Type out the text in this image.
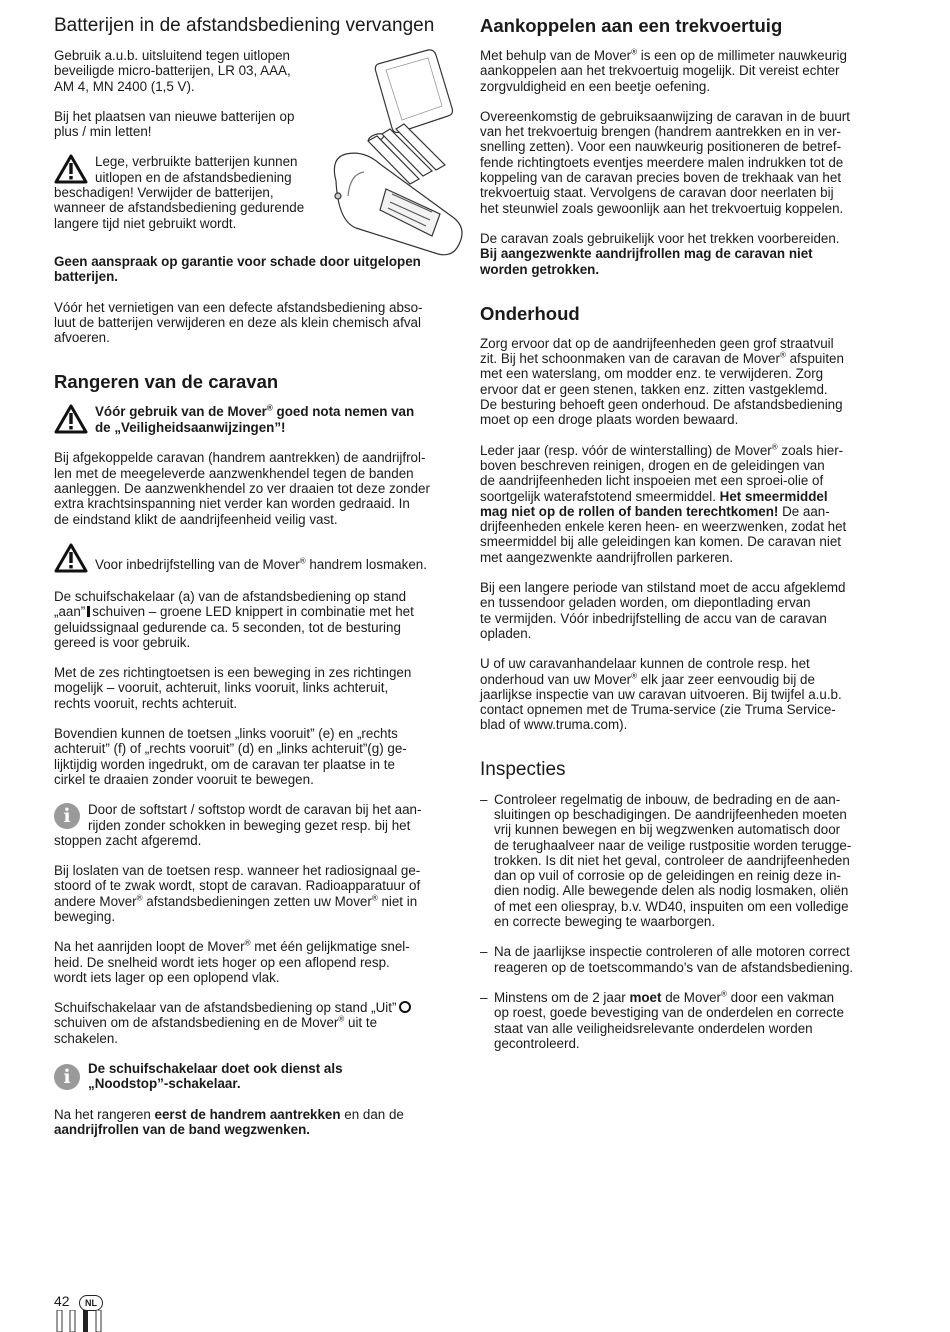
Batterijen in de afstandsbediening vervangen

Gebruik a.u.b. uitsluitend tegen uitlopen
beveiligde micro-batterijen, LR 03, AAA,
AM 4, MN 2400 (1,5 V).

Bij het plaatsen van nieuwe batterijen op
plus / min letten!

Lege, verbruikte batterijen kunnen
uitlopen en de afstandsbediening

beschadigen! Verwijder de batterijen,
wanneer de afstandsbediening gedurende
langere tijd niet gebruikt wordt.

Geen aanspraak op garantie voor schade door uitgelopen
batterijen.

Vóór het vernietigen van een defecte afstandsbediening abso-
luut de batterijen verwijderen en deze als klein chemisch afval
afvoeren.

Rangeren van de caravan

Vóór gebruik van de Mover® goed nota nemen van
de „Veiligheidsaanwijzingen”!

Bij afgekoppelde caravan (handrem aantrekken) de aandrijfrol-
len met de meegeleverde aanzwenkhendel tegen de banden
aanleggen. De aanzwenkhendel zo ver draaien tot deze zonder
extra krachtsinspanning niet verder kan worden gedraaid. In
de eindstand klikt de aandrijfeenheid veilig vast.

Voor inbedrijfstelling van de Mover® handrem losmaken.

De schuifschakelaar (a) van de afstandsbediening op stand
„aan” schuiven – groene LED knippert in combinatie met het
geluidssignaal gedurende ca. 5 seconden, tot de besturing
gereed is voor gebruik.

Met de zes richtingtoetsen is een beweging in zes richtingen
mogelijk – vooruit, achteruit, links vooruit, links achteruit,
rechts vooruit, rechts achteruit.

Bovendien kunnen de toetsen „links vooruit” (e) en „rechts
achteruit” (f) of „rechts vooruit” (d) en „links achteruit”(g) ge-
lijktijdig worden ingedrukt, om de caravan ter plaatse in te
cirkel te draaien zonder vooruit te bewegen.

i	Door de softstart / softstop wordt de caravan bij het aan-
rijden zonder schokken in beweging gezet resp. bij het

stoppen zacht afgeremd.

Bij loslaten van de toetsen resp. wanneer het radiosignaal ge-
stoord of te zwak wordt, stopt de caravan. Radioapparatuur of
andere Mover® afstandsbedieningen zetten uw Mover® niet in
beweging.

Na het aanrijden loopt de Mover® met één gelijkmatige snel-
heid. De snelheid wordt iets hoger op een aflopend resp.
wordt iets lager op een oplopend vlak.

Schuifschakelaar van de afstandsbediening op stand „Uit”
schuiven om de afstandsbediening en de Mover® uit te
schakelen.

i	De schuifschakelaar doet ook dienst als
„Noodstop”-schakelaar.

Na het rangeren eerst de handrem aantrekken en dan de
aandrijfrollen van de band wegzwenken.

Aankoppelen aan een trekvoertuig

Met behulp van de Mover® is een op de millimeter nauwkeurig
aankoppelen aan het trekvoertuig mogelijk. Dit vereist echter
zorgvuldigheid en een beetje oefening.

Overeenkomstig de gebruiksaanwijzing de caravan in de buurt
van het trekvoertuig brengen (handrem aantrekken en in ver-
snelling zetten). Voor een nauwkeurig positioneren de betref-
fende richtingtoets eventjes meerdere malen indrukken tot de
koppeling van de caravan precies boven de trekhaak van het
trekvoertuig staat. Vervolgens de caravan door neerlaten bij
het steunwiel zoals gewoonlijk aan het trekvoertuig koppelen.

De caravan zoals gebruikelijk voor het trekken voorbereiden.
Bij aangezwenkte aandrijfrollen mag de caravan niet
worden getrokken.

Onderhoud

Zorg ervoor dat op de aandrijfeenheden geen grof straatvuil
zit. Bij het schoonmaken van de caravan de Mover® afspuiten
met een waterslang, om modder enz. te verwijderen. Zorg
ervoor dat er geen stenen, takken enz. zitten vastgeklemd.
De besturing behoeft geen onderhoud. De afstandsbediening
moet op een droge plaats worden bewaard.

Leder jaar (resp. vóór de winterstalling) de Mover® zoals hier-
boven beschreven reinigen, drogen en de geleidingen van
de aandrijfeenheden licht inspoeien met een sproei-olie of
soortgelijk waterafstotend smeermiddel. Het smeermiddel
mag niet op de rollen of banden terechtkomen! De aan-
drijfeenheden enkele keren heen- en weerzwenken, zodat het
smeermiddel bij alle geleidingen kan komen. De caravan niet
met aangezwenkte aandrijfrollen parkeren.

Bij een langere periode van stilstand moet de accu afgeklemd
en tussendoor geladen worden, om diepontlading ervan
te vermijden. Vóór inbedrijfstelling de accu van de caravan
opladen.

U of uw caravanhandelaar kunnen de controle resp. het
onderhoud van uw Mover® elk jaar zeer eenvoudig bij de
jaarlijkse inspectie van uw caravan uitvoeren. Bij twijfel a.u.b.
contact opnemen met de Truma-service (zie Truma Service-
blad of www.truma.com).

Inspecties
– Controleer regelmatig de inbouw, de bedrading en de aan-
sluitingen op beschadigingen. De aandrijfeenheden moeten
vrij kunnen bewegen en bij wegzwenken automatisch door
de terughaalveer naar de veilige rustpositie worden terugge-
trokken. Is dit niet het geval, controleer de aandrijfeenheden
dan op vuil of corrosie op de geleidingen en reinig deze in-
dien nodig. Alle bewegende delen als nodig losmaken, oliën
of met een oliespray, b.v. WD40, inspuiten om een volledige
en correcte beweging te waarborgen.

– Na de jaarlijkse inspectie controleren of alle motoren correct
reageren op de toetscommando's van de afstandsbediening.

– Minstens om de 2 jaar moet de Mover® door een vakman
op roest, goede bevestiging van de onderdelen en correcte
staat van alle veiligheidsrelevante onderdelen worden
gecontroleerd.

42	NL
